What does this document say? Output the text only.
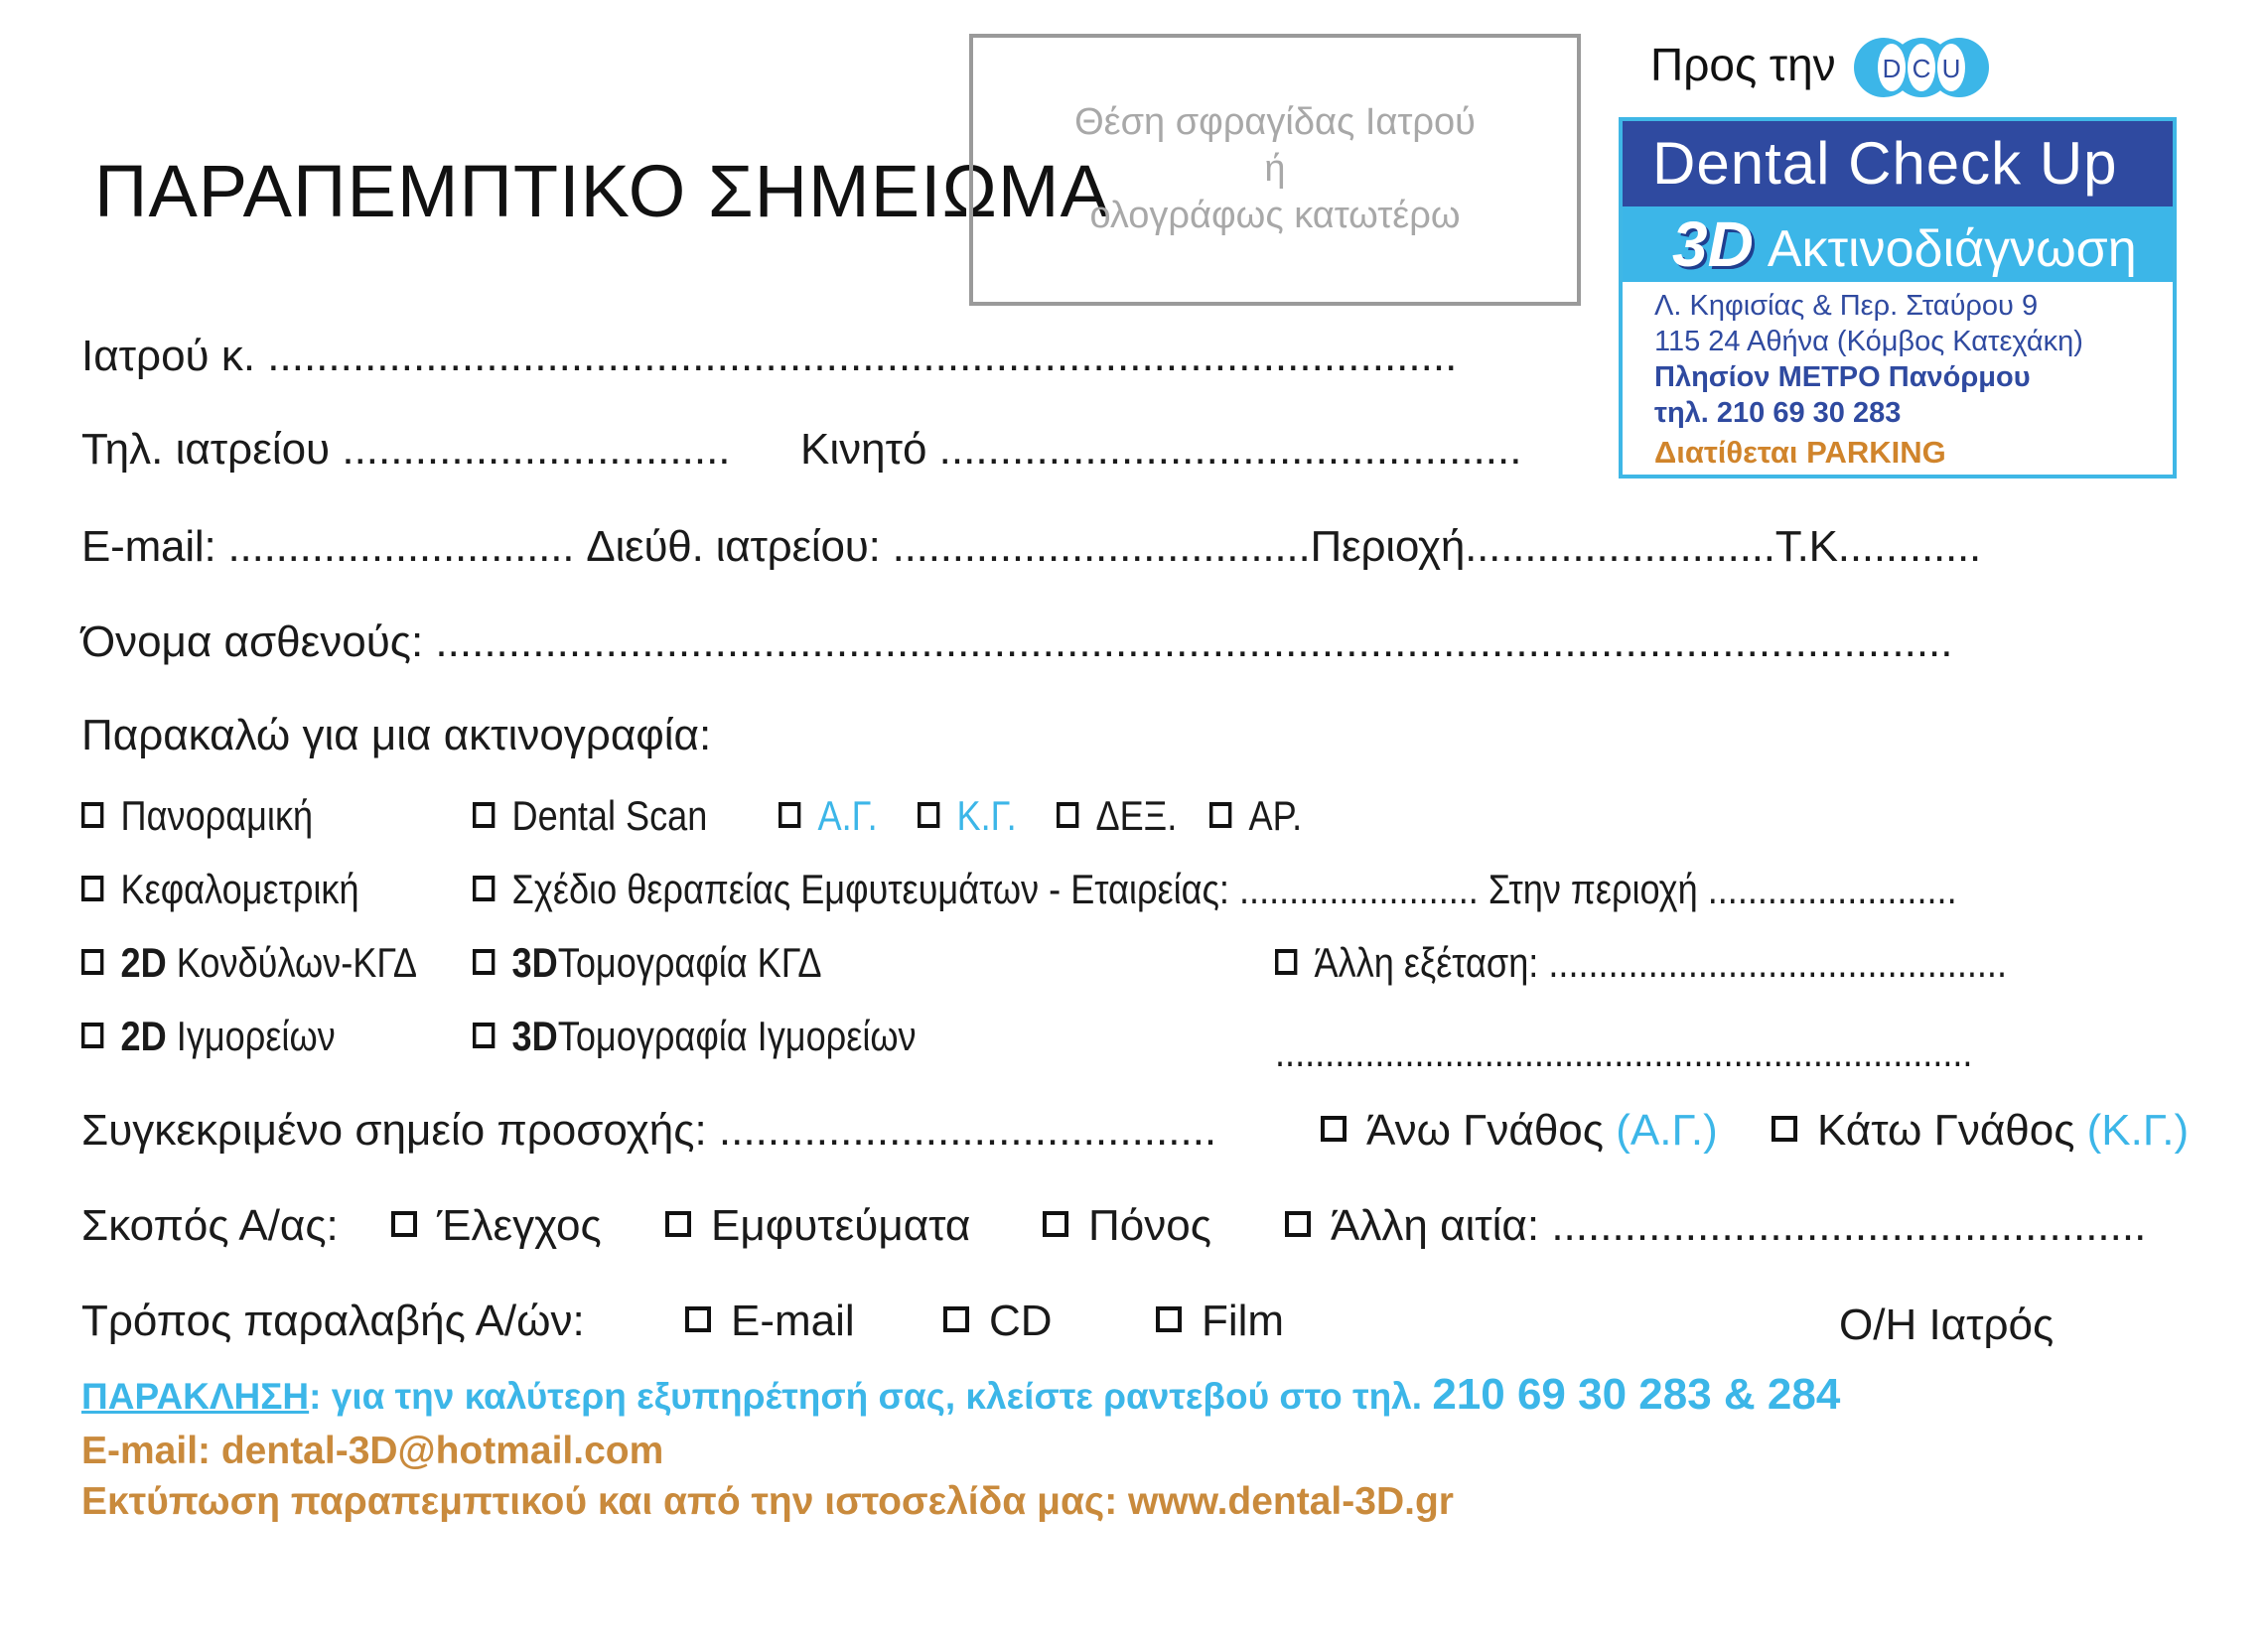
ΠΑΡΑΠΕΜΠΤΙΚΟ ΣΗΜΕΙΩΜΑ
Θέση σφραγίδας Ιατρού
ή
ολογράφως κατωτέρω
Προς την D C U
Dental Check Up
3D Ακτινοδιάγνωση
Λ. Κηφισίας & Περ. Σταύρου 9
115 24 Αθήνα (Κόμβος Κατεχάκη)
Πλησίον ΜΕΤΡΟ Πανόρμου
τηλ. 210 69 30 283
Διατίθεται PARKING
Ιατρού κ. ..................................................................................................
Τηλ. ιατρείου ................................ Κινητό ................................................
E-mail: ............................. Διεύθ. ιατρείου: ...................................Περιοχή..........................Τ.Κ............
Όνομα ασθενούς: .............................................................................................................................
Παρακαλώ για μια ακτινογραφία:
Πανοραμική	Dental Scan	Α.Γ.	Κ.Γ.	ΔΕΞ.	ΑΡ.
Κεφαλομετρική	Σχέδιο θεραπείας Εμφυτευμάτων - Εταιρείας: ........................ Στην περιοχή .........................
2D Κονδύλων-ΚΓΔ	3DΤομογραφία ΚΓΔ	Άλλη εξέταση: ..............................................
2D Ιγμορείων	3DΤομογραφία Ιγμορείων	......................................................................
Συγκεκριμένο σημείο προσοχής: .........................................	Άνω Γνάθος (Α.Γ.)	Κάτω Γνάθος (Κ.Γ.)
Σκοπός Α/ας:	Έλεγχος	Εμφυτεύματα	Πόνος	Άλλη αιτία: .................................................
Τρόπος παραλαβής Α/ών:	E-mail	CD	Film	Ο/Η Ιατρός
ΠΑΡΑΚΛΗΣΗ: για την καλύτερη εξυπηρέτησή σας, κλείστε ραντεβού στο τηλ. 210 69 30 283 & 284
E-mail: dental-3D@hotmail.com
Εκτύπωση παραπεμπτικού και από την ιστοσελίδα μας: www.dental-3D.gr
